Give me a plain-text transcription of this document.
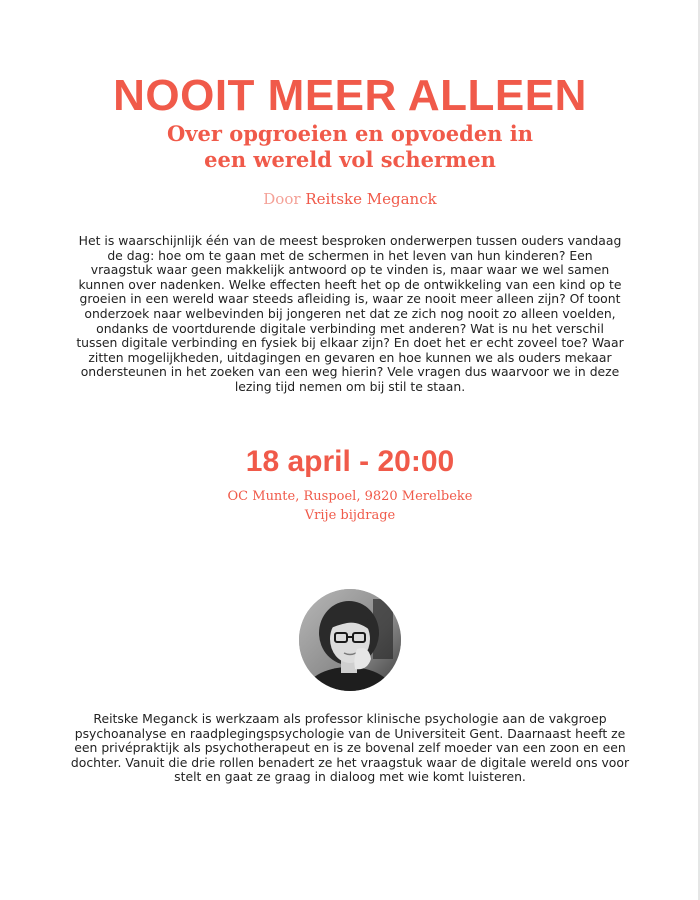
NOOIT MEER ALLEEN
Over opgroeien en opvoeden in een wereld vol schermen
Door Reitske Meganck

Het is waarschijnlijk één van de meest besproken onderwerpen tussen ouders vandaag de dag: hoe om te gaan met de schermen in het leven van hun kinderen? Een vraagstuk waar geen makkelijk antwoord op te vinden is, maar waar we wel samen kunnen over nadenken. Welke effecten heeft het op de ontwikkeling van een kind op te groeien in een wereld waar steeds afleiding is, waar ze nooit meer alleen zijn? Of toont onderzoek naar welbevinden bij jongeren net dat ze zich nog nooit zo alleen voelden, ondanks de voortdurende digitale verbinding met anderen? Wat is nu het verschil tussen digitale verbinding en fysiek bij elkaar zijn? En doet het er echt zoveel toe? Waar zitten mogelijkheden, uitdagingen en gevaren en hoe kunnen we als ouders mekaar ondersteunen in het zoeken van een weg hierin? Vele vragen dus waarvoor we in deze lezing tijd nemen om bij stil te staan.

18 april - 20:00
OC Munte, Ruspoel, 9820 Merelbeke
Vrije bijdrage

Reitske Meganck is werkzaam als professor klinische psychologie aan de vakgroep psychoanalyse en raadplegingspsychologie van de Universiteit Gent. Daarnaast heeft ze een privépraktijk als psychotherapeut en is ze bovenal zelf moeder van een zoon en een dochter. Vanuit die drie rollen benadert ze het vraagstuk waar de digitale wereld ons voor stelt en gaat ze graag in dialoog met wie komt luisteren.
